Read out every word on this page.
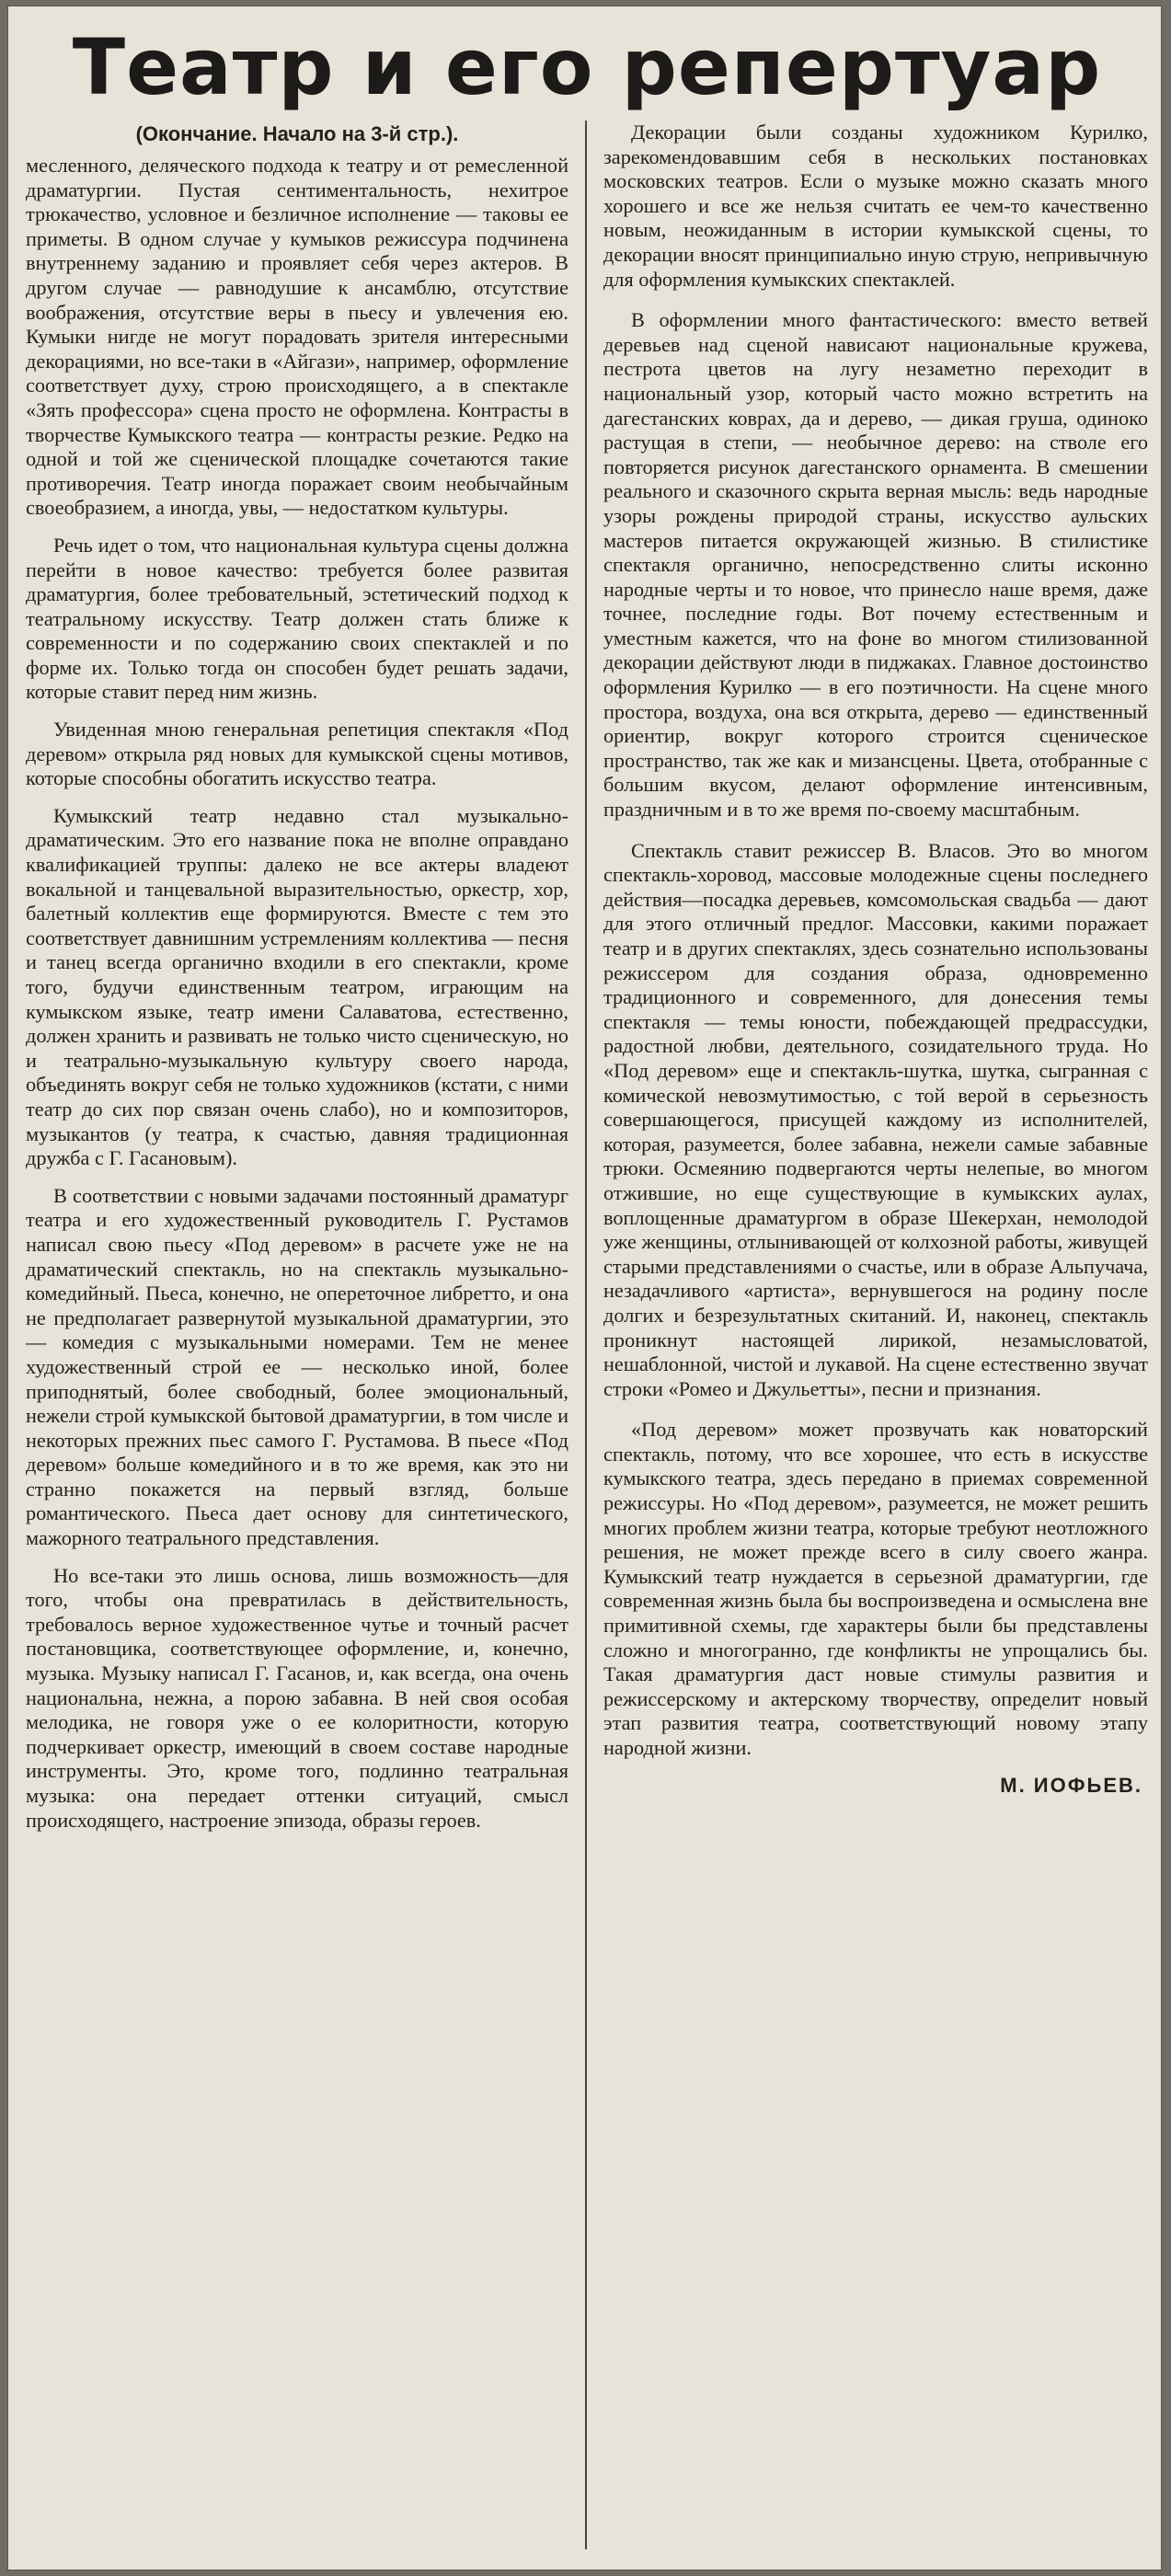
Театр и его репертуар
(Окончание. Начало на 3-й стр.).

месленного, деляческого подхода к театру и от ремесленной драматургии. Пустая сентиментальность, нехитрое трюкачество, условное и безличное исполнение — таковы ее приметы. В одном случае у кумыков режиссура подчинена внутреннему заданию и проявляет себя через актеров. В другом случае — равнодушие к ансамблю, отсутствие воображения, отсутствие веры в пьесу и увлечения ею. Кумыки нигде не могут порадовать зрителя интересными декорациями, но все-таки в «Айгази», например, оформление соответствует духу, строю происходящего, а в спектакле «Зять профессора» сцена просто не оформлена. Контрасты в творчестве Кумыкского театра — контрасты резкие. Редко на одной и той же сценической площадке сочетаются такие противоречия. Театр иногда поражает своим необычайным своеобразием, а иногда, увы, — недостатком культуры.

Речь идет о том, что национальная культура сцены должна перейти в новое качество: требуется более развитая драматургия, более требовательный, эстетический подход к театральному искусству. Театр должен стать ближе к современности и по содержанию своих спектаклей и по форме их. Только тогда он способен будет решать задачи, которые ставит перед ним жизнь.

Увиденная мною генеральная репетиция спектакля «Под деревом» открыла ряд новых для кумыкской сцены мотивов, которые способны обогатить искусство театра.

Кумыкский театр недавно стал музыкально-драматическим. Это его название пока не вполне оправдано квалификацией труппы: далеко не все актеры владеют вокальной и танцевальной выразительностью, оркестр, хор, балетный коллектив еще формируются. Вместе с тем это соответствует давнишним устремлениям коллектива — песня и танец всегда органично входили в его спектакли, кроме того, будучи единственным театром, играющим на кумыкском языке, театр имени Салаватова, естественно, должен хранить и развивать не только чисто сценическую, но и театрально-музыкальную культуру своего народа, объединять вокруг себя не только художников (кстати, с ними театр до сих пор связан очень слабо), но и композиторов, музыкантов (у театра, к счастью, давняя традиционная дружба с Г. Гасановым).

В соответствии с новыми задачами постоянный драматург театра и его художественный руководитель Г. Рустамов написал свою пьесу «Под деревом» в расчете уже не на драматический спектакль, но на спектакль музыкально-комедийный. Пьеса, конечно, не опереточное либретто, и она не предполагает развернутой музыкальной драматургии, это — комедия с музыкальными номерами. Тем не менее художественный строй ее — несколько иной, более приподнятый, более свободный, более эмоциональный, нежели строй кумыкской бытовой драматургии, в том числе и некоторых прежних пьес самого Г. Рустамова. В пьесе «Под деревом» больше комедийного и в то же время, как это ни странно покажется на первый взгляд, больше романтического. Пьеса дает основу для синтетического, мажорного театрального представления.

Но все-таки это лишь основа, лишь возможность—для того, чтобы она превратилась в действительность, требовалось верное художественное чутье и точный расчет постановщика, соответствующее оформление, и, конечно, музыка. Музыку написал Г. Гасанов, и, как всегда, она очень национальна, нежна, а порою забавна. В ней своя особая мелодика, не говоря уже о ее колоритности, которую подчеркивает оркестр, имеющий в своем составе народные инструменты. Это, кроме того, подлинно театральная музыка: она передает оттенки ситуаций, смысл происходящего, настроение эпизода, образы героев.

Декорации были созданы художником Курилко, зарекомендовавшим себя в нескольких постановках московских театров. Если о музыке можно сказать много хорошего и все же нельзя считать ее чем-то качественно новым, неожиданным в истории кумыкской сцены, то декорации вносят принципиально иную струю, непривычную для оформления кумыкских спектаклей.

В оформлении много фантастического: вместо ветвей деревьев над сценой нависают национальные кружева, пестрота цветов на лугу незаметно переходит в национальный узор, который часто можно встретить на дагестанских коврах, да и дерево, — дикая груша, одиноко растущая в степи, — необычное дерево: на стволе его повторяется рисунок дагестанского орнамента. В смешении реального и сказочного скрыта верная мысль: ведь народные узоры рождены природой страны, искусство аульских мастеров питается окружающей жизнью. В стилистике спектакля органично, непосредственно слиты исконно народные черты и то новое, что принесло наше время, даже точнее, последние годы. Вот почему естественным и уместным кажется, что на фоне во многом стилизованной декорации действуют люди в пиджаках. Главное достоинство оформления Курилко — в его поэтичности. На сцене много простора, воздуха, она вся открыта, дерево — единственный ориентир, вокруг которого строится сценическое пространство, так же как и мизансцены. Цвета, отобранные с большим вкусом, делают оформление интенсивным, праздничным и в то же время по-своему масштабным.

Спектакль ставит режиссер В. Власов. Это во многом спектакль-хоровод, массовые молодежные сцены последнего действия—посадка деревьев, комсомольская свадьба — дают для этого отличный предлог. Массовки, какими поражает театр и в других спектаклях, здесь сознательно использованы режиссером для создания образа, одновременно традиционного и современного, для донесения темы спектакля — темы юности, побеждающей предрассудки, радостной любви, деятельного, созидательного труда. Но «Под деревом» еще и спектакль-шутка, шутка, сыгранная с комической невозмутимостью, с той верой в серьезность совершающегося, присущей каждому из исполнителей, которая, разумеется, более забавна, нежели самые забавные трюки. Осмеянию подвергаются черты нелепые, во многом отжившие, но еще существующие в кумыкских аулах, воплощенные драматургом в образе Шекерхан, немолодой уже женщины, отлынивающей от колхозной работы, живущей старыми представлениями о счастье, или в образе Альпучача, незадачливого «артиста», вернувшегося на родину после долгих и безрезультатных скитаний. И, наконец, спектакль проникнут настоящей лирикой, незамысловатой, нешаблонной, чистой и лукавой. На сцене естественно звучат строки «Ромео и Джульетты», песни и признания.

«Под деревом» может прозвучать как новаторский спектакль, потому, что все хорошее, что есть в искусстве кумыкского театра, здесь передано в приемах современной режиссуры. Но «Под деревом», разумеется, не может решить многих проблем жизни театра, которые требуют неотложного решения, не может прежде всего в силу своего жанра. Кумыкский театр нуждается в серьезной драматургии, где современная жизнь была бы воспроизведена и осмыслена вне примитивной схемы, где характеры были бы представлены сложно и многогранно, где конфликты не упрощались бы. Такая драматургия даст новые стимулы развития и режиссерскому и актерскому творчеству, определит новый этап развития театра, соответствующий новому этапу народной жизни.

М. ИОФЬЕВ.
